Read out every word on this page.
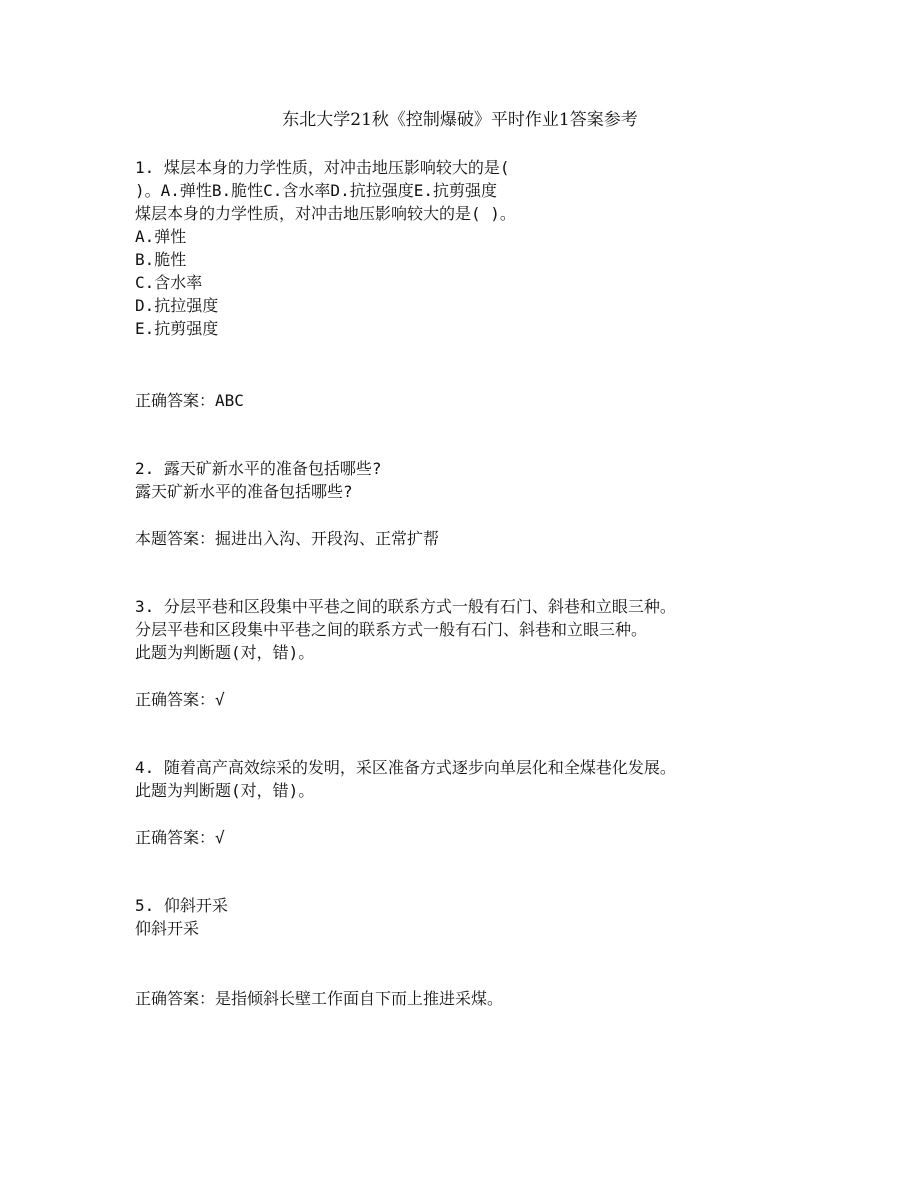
东北大学21秋《控制爆破》平时作业1答案参考
1. 煤层本身的力学性质，对冲击地压影响较大的是(
)。A.弹性B.脆性C.含水率D.抗拉强度E.抗剪强度
煤层本身的力学性质，对冲击地压影响较大的是( )。
A.弹性
B.脆性
C.含水率
D.抗拉强度
E.抗剪强度
正确答案：ABC
2. 露天矿新水平的准备包括哪些?
露天矿新水平的准备包括哪些?
本题答案：掘进出入沟、开段沟、正常扩帮
3. 分层平巷和区段集中平巷之间的联系方式一般有石门、斜巷和立眼三种。
分层平巷和区段集中平巷之间的联系方式一般有石门、斜巷和立眼三种。
此题为判断题(对，错)。
正确答案：√
4. 随着高产高效综采的发明，采区准备方式逐步向单层化和全煤巷化发展。
此题为判断题(对，错)。
正确答案：√
5. 仰斜开采
仰斜开采
正确答案：是指倾斜长壁工作面自下而上推进采煤。
